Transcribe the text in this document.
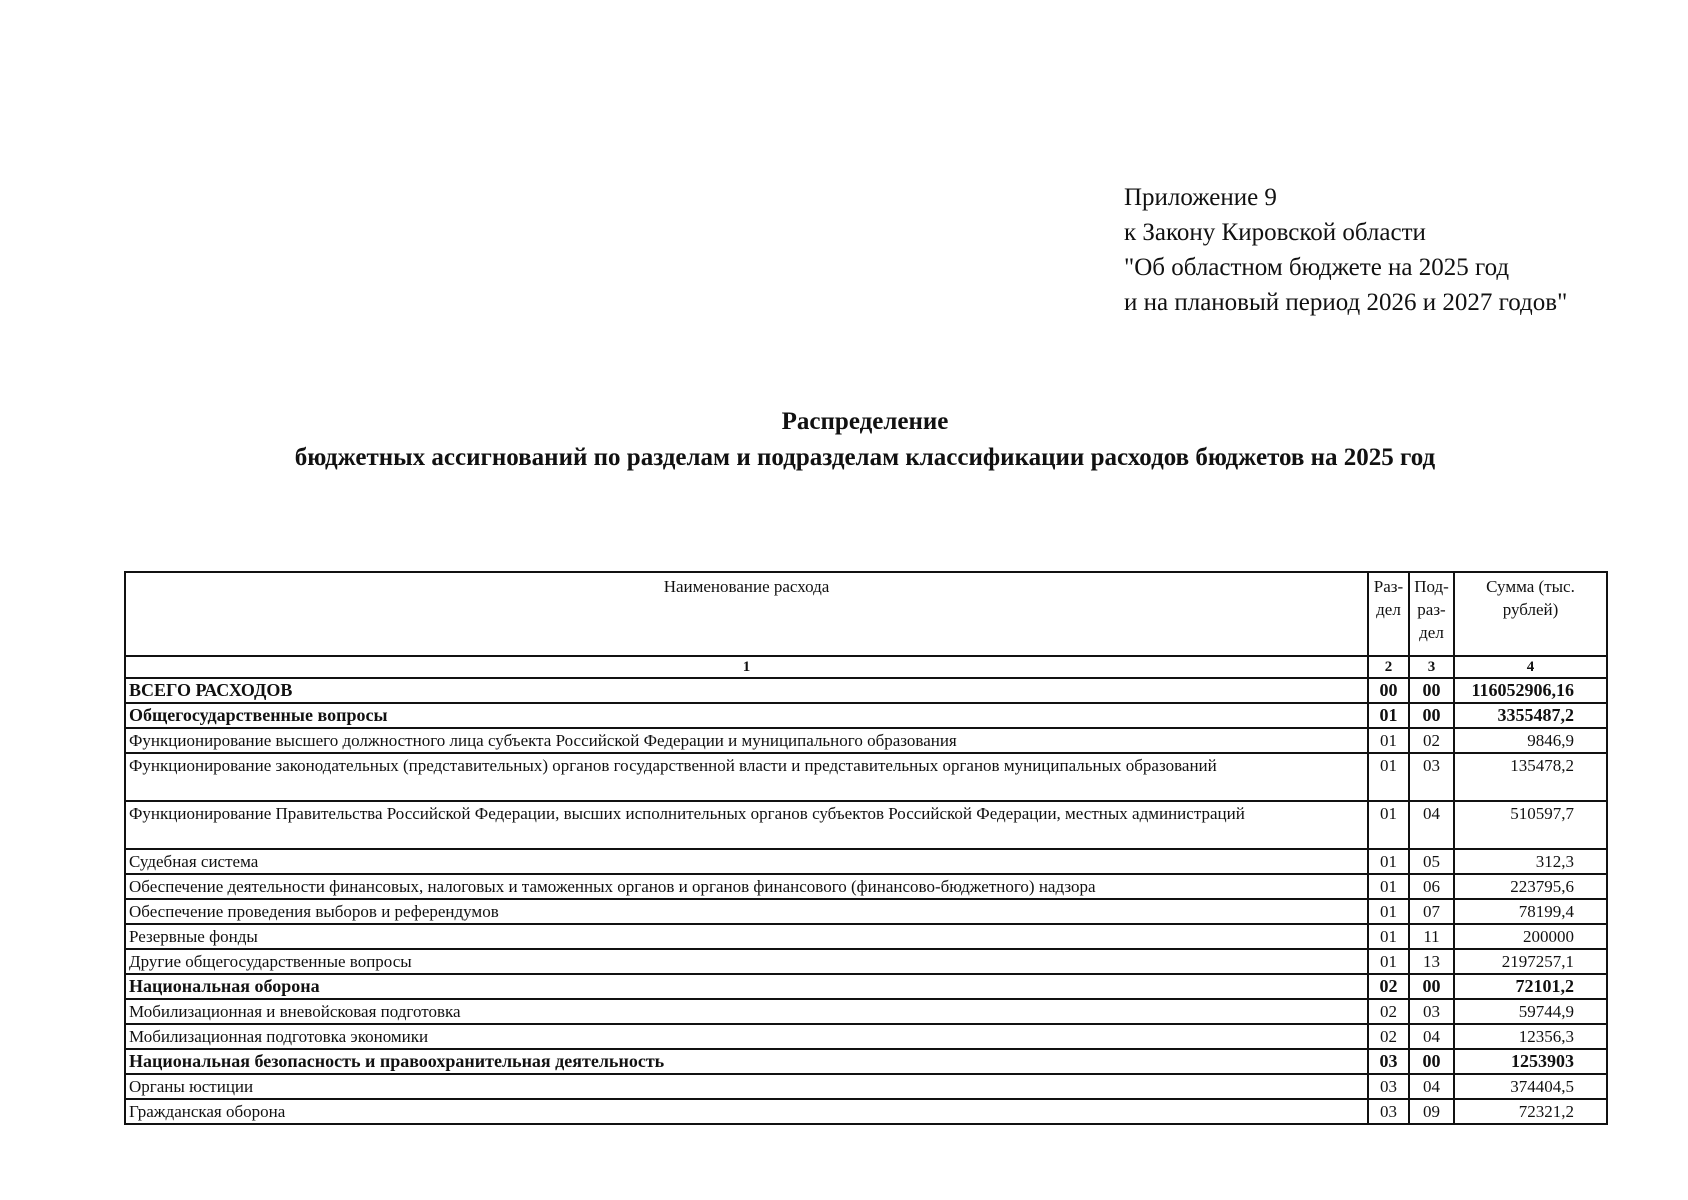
Приложение 9
к Закону Кировской области
"Об областном бюджете на 2025 год
и на плановый период 2026 и 2027 годов"
Распределение
бюджетных ассигнований по разделам и подразделам классификации расходов бюджетов на 2025 год
Наименование расхода	Раз-дел	Под-раз-дел	Сумма (тыс. рублей)
1	2	3	4
ВСЕГО РАСХОДОВ	00	00	116052906,16
Общегосударственные вопросы	01	00	3355487,2
Функционирование высшего должностного лица субъекта Российской Федерации и муниципального образования	01	02	9846,9
Функционирование законодательных (представительных) органов государственной власти и представительных органов муниципальных образований	01	03	135478,2
Функционирование Правительства Российской Федерации, высших исполнительных органов субъектов Российской Федерации, местных администраций	01	04	510597,7
Судебная система	01	05	312,3
Обеспечение деятельности финансовых, налоговых и таможенных органов и органов финансового (финансово-бюджетного) надзора	01	06	223795,6
Обеспечение проведения выборов и референдумов	01	07	78199,4
Резервные фонды	01	11	200000
Другие общегосударственные вопросы	01	13	2197257,1
Национальная оборона	02	00	72101,2
Мобилизационная и вневойсковая подготовка	02	03	59744,9
Мобилизационная подготовка экономики	02	04	12356,3
Национальная безопасность и правоохранительная деятельность	03	00	1253903
Органы юстиции	03	04	374404,5
Гражданская оборона	03	09	72321,2
